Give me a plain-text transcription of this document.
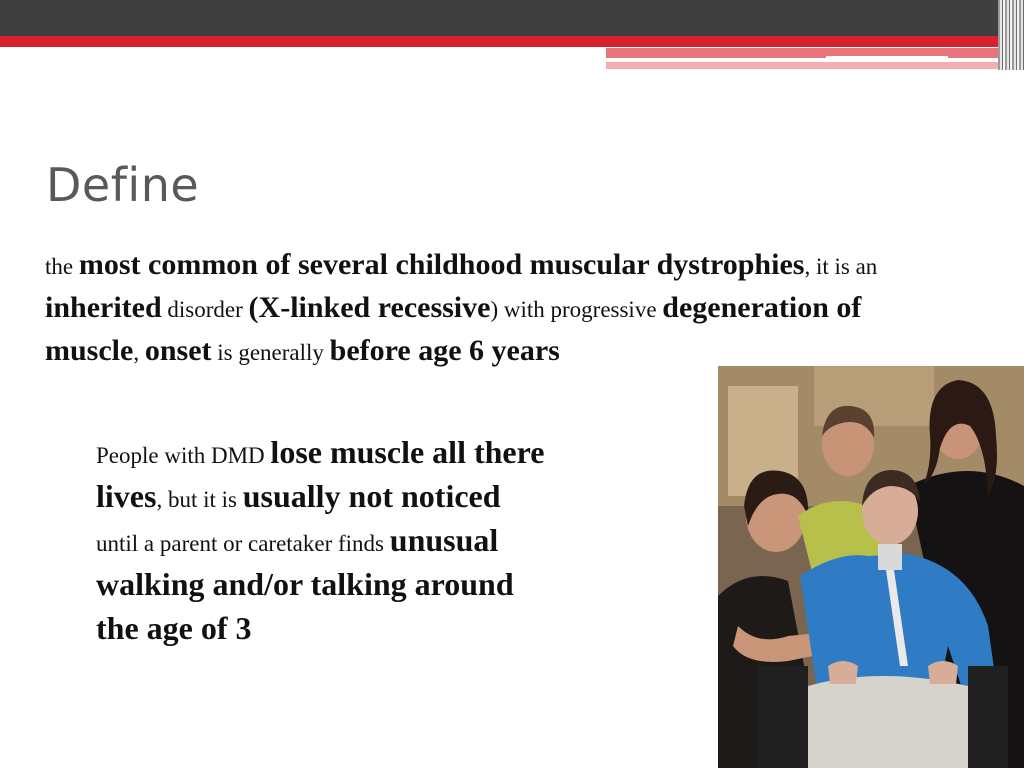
Define

the most common of several childhood muscular dystrophies, it is an inherited disorder (X-linked recessive) with progressive degeneration of muscle, onset is generally before age 6 years

People with DMD lose muscle all there lives, but it is usually not noticed until a parent or caretaker finds unusual walking and/or talking around the age of 3
